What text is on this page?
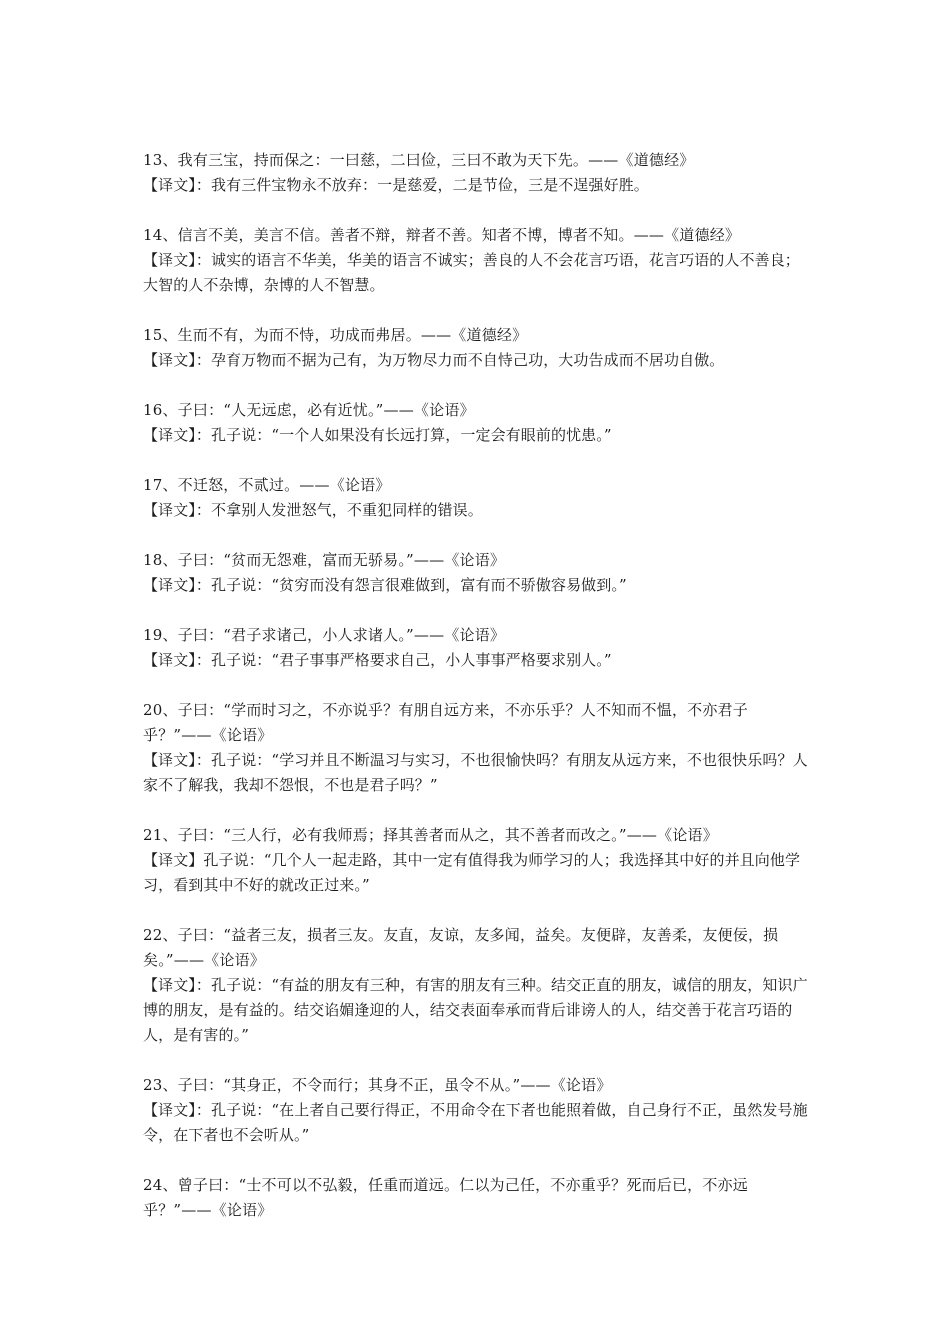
13、我有三宝，持而保之：一曰慈，二曰俭，三曰不敢为天下先。——《道德经》

【译文】：我有三件宝物永不放弃：一是慈爱，二是节俭，三是不逞强好胜。

14、信言不美，美言不信。善者不辩，辩者不善。知者不博，博者不知。——《道德经》

【译文】：诚实的语言不华美，华美的语言不诚实；善良的人不会花言巧语，花言巧语的人不善良；大智的人不杂博，杂博的人不智慧。

15、生而不有，为而不恃，功成而弗居。——《道德经》

【译文】：孕育万物而不据为己有，为万物尽力而不自恃己功，大功告成而不居功自傲。

16、子曰：“人无远虑，必有近忧。”——《论语》

【译文】：孔子说：“一个人如果没有长远打算，一定会有眼前的忧患。”

17、不迁怒，不贰过。——《论语》

【译文】：不拿别人发泄怒气，不重犯同样的错误。

18、子曰：“贫而无怨难，富而无骄易。”——《论语》

【译文】：孔子说：“贫穷而没有怨言很难做到，富有而不骄傲容易做到。”

19、子曰：“君子求诸己，小人求诸人。”——《论语》

【译文】：孔子说：“君子事事严格要求自己，小人事事严格要求别人。”

20、子曰：“学而时习之，不亦说乎？有朋自远方来，不亦乐乎？人不知而不愠，不亦君子乎？”——《论语》

【译文】：孔子说：“学习并且不断温习与实习，不也很愉快吗？有朋友从远方来，不也很快乐吗？人家不了解我，我却不怨恨，不也是君子吗？”

21、子曰：“三人行，必有我师焉；择其善者而从之，其不善者而改之。”——《论语》

【译文】孔子说：“几个人一起走路，其中一定有值得我为师学习的人；我选择其中好的并且向他学习，看到其中不好的就改正过来。”

22、子曰：“益者三友，损者三友。友直，友谅，友多闻，益矣。友便辟，友善柔，友便佞，损矣。”——《论语》

【译文】：孔子说：“有益的朋友有三种，有害的朋友有三种。结交正直的朋友，诚信的朋友，知识广博的朋友，是有益的。结交谄媚逢迎的人，结交表面奉承而背后诽谤人的人，结交善于花言巧语的人，是有害的。”

23、子曰：“其身正，不令而行；其身不正，虽令不从。”——《论语》

【译文】：孔子说：“在上者自己要行得正，不用命令在下者也能照着做，自己身行不正，虽然发号施令，在下者也不会听从。”

24、曾子曰：“士不可以不弘毅，任重而道远。仁以为己任，不亦重乎？死而后已，不亦远乎？”——《论语》
